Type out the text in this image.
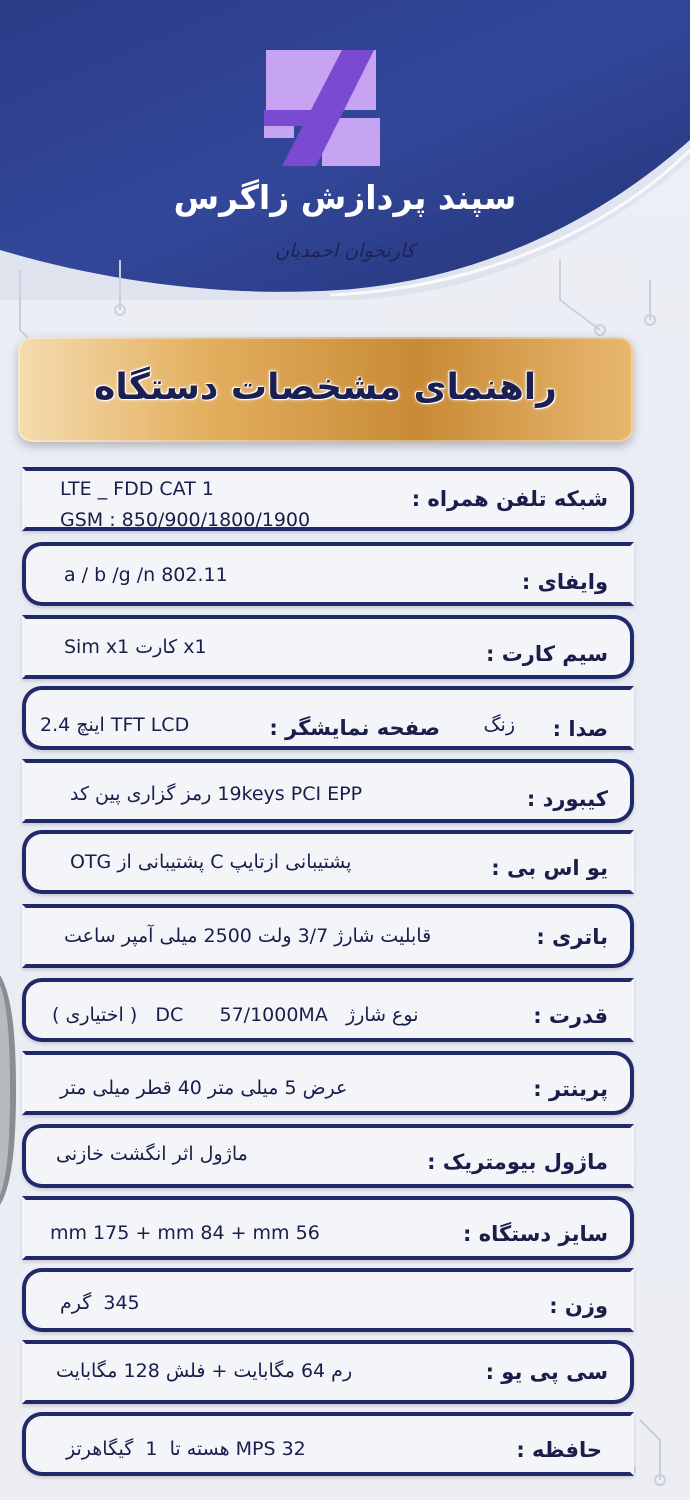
سپند پردازش زاگرس
کارتخوان احمدیان
راهنمای مشخصات دستگاه
شبکه تلفن همراه :
LTE _ FDD CAT 1
GSM : 850/900/1800/1900
وایفای :
a / b /g /n 802.11
سیم کارت :
x1 کارت Sim x1
صدا :
زنگ
صفحه نمایشگر :
TFT LCD اینچ 2.4
کیبورد :
19keys PCI EPP رمز گزاری پین کد
یو اس بی :
پشتیبانی ازتایپ C پشتیبانی از OTG
باتری :
قابلیت شارژ 3/7 ولت 2500 میلی آمپر ساعت
قدرت :
نوع شارژ   DC      57/1000MA   ( اختیاری )
پرینتر :
عرض 5 میلی متر 40 قطر میلی متر
ماژول بیومتریک :
ماژول اثر انگشت خازنی
سایز دستگاه :
mm 175 + mm 84 + mm 56
وزن :
345  گرم
سی پی یو :
رم 64 مگابایت + فلش 128 مگابایت
حافظه :
MPS 32 هسته تا  1  گیگاهرتز
